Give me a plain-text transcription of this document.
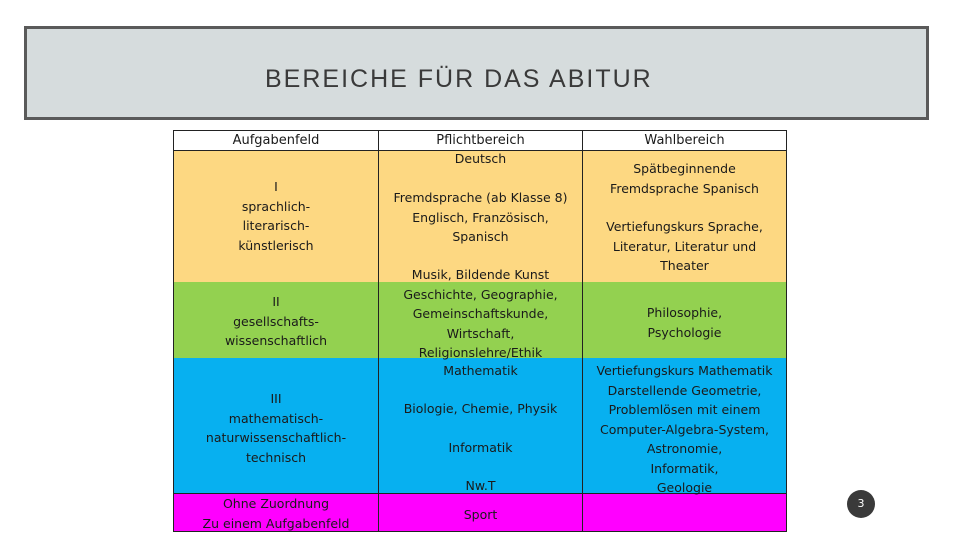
BEREICHE FÜR DAS ABITUR
Aufgabenfeld	Pflichtbereich	Wahlbereich
I
sprachlich-
literarisch-
künstlerisch
II
gesellschafts-
wissenschaftlich
III
mathematisch-
naturwissenschaftlich-
technisch
Ohne Zuordnung
Zu einem Aufgabenfeld
Deutsch
Fremdsprache (ab Klasse 8)
Englisch, Französisch,
Spanisch
Musik, Bildende Kunst
Geschichte, Geographie,
Gemeinschaftskunde,
Wirtschaft,
Religionslehre/Ethik
Mathematik
Biologie, Chemie, Physik
Informatik
Nw.T
Sport
Spätbeginnende
Fremdsprache Spanisch
Vertiefungskurs Sprache,
Literatur, Literatur und
Theater
Philosophie,
Psychologie
Vertiefungskurs Mathematik
Darstellende Geometrie,
Problemlösen mit einem
Computer-Algebra-System,
Astronomie,
Informatik,
Geologie
3
